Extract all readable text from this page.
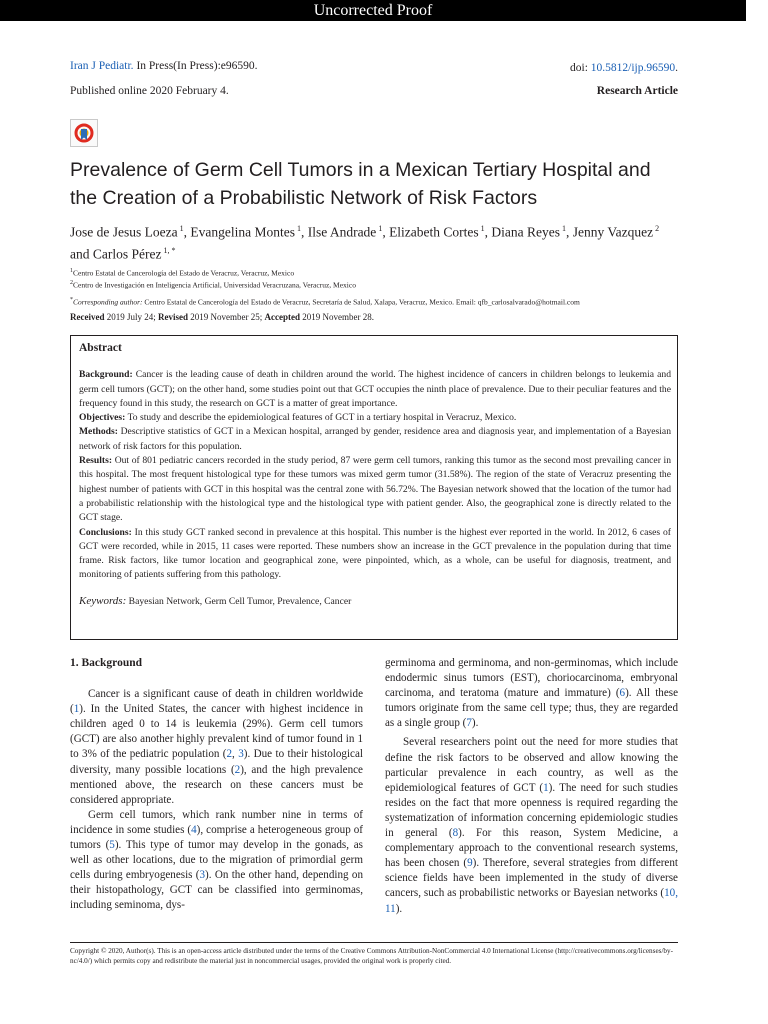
Uncorrected Proof
Iran J Pediatr. In Press(In Press):e96590.	doi: 10.5812/ijp.96590.
Published online 2020 February 4.	Research Article
Prevalence of Germ Cell Tumors in a Mexican Tertiary Hospital and the Creation of a Probabilistic Network of Risk Factors
Jose de Jesus Loeza $^1$, Evangelina Montes $^1$, Ilse Andrade $^1$, Elizabeth Cortes $^1$, Diana Reyes $^1$, Jenny Vazquez $^2$ and Carlos Pérez $^{1, *}$
$^1$Centro Estatal de Cancerología del Estado de Veracruz, Veracruz, Mexico
$^2$Centro de Investigación en Inteligencia Artificial, Universidad Veracruzana, Veracruz, Mexico
*Corresponding author: Centro Estatal de Cancerología del Estado de Veracruz, Secretaría de Salud, Xalapa, Veracruz, Mexico. Email: qfb_carlosalvarado@hotmail.com
Received 2019 July 24; Revised 2019 November 25; Accepted 2019 November 28.

Abstract

Background: Cancer is the leading cause of death in children around the world. The highest incidence of cancers in children belongs to leukemia and germ cell tumors (GCT); on the other hand, some studies point out that GCT occupies the ninth place of prevalence. Due to their peculiar features and the frequency found in this study, the research on GCT is a matter of great importance.

Objectives: To study and describe the epidemiological features of GCT in a tertiary hospital in Veracruz, Mexico.

Methods: Descriptive statistics of GCT in a Mexican hospital, arranged by gender, residence area and diagnosis year, and implementation of a Bayesian network of risk factors for this population.

Results: Out of 801 pediatric cancers recorded in the study period, 87 were germ cell tumors, ranking this tumor as the second most prevailing cancer in this hospital. The most frequent histological type for these tumors was mixed germ tumor (31.58%). The region of the state of Veracruz presenting the highest number of patients with GCT in this hospital was the central zone with 56.72%. The Bayesian network showed that the location of the tumor had a probabilistic relationship with the histological type and the histological type with patient gender. Also, the geographical zone is directly related to the GCT stage.

Conclusions: In this study GCT ranked second in prevalence at this hospital. This number is the highest ever reported in the world. In 2012, 6 cases of GCT were recorded, while in 2015, 11 cases were reported. These numbers show an increase in the GCT prevalence in the population during that time frame. Risk factors, like tumor location and geographical zone, were pinpointed, which, as a whole, can be useful for diagnosis, treatment, and monitoring of patients suffering from this pathology.

Keywords: Bayesian Network, Germ Cell Tumor, Prevalence, Cancer

1. Background

Cancer is a significant cause of death in children worldwide (1). In the United States, the cancer with highest incidence in children aged 0 to 14 is leukemia (29%). Germ cell tumors (GCT) are also another highly prevalent kind of tumor found in 1 to 3% of the pediatric population (2, 3). Due to their histological diversity, many possible locations (2), and the high prevalence mentioned above, the research on these cancers must be considered appropriate.

Germ cell tumors, which rank number nine in terms of incidence in some studies (4), comprise a heterogeneous group of tumors (5). This type of tumor may develop in the gonads, as well as other locations, due to the migration of primordial germ cells during embryogenesis (3). On the other hand, depending on their histopathology, GCT can be classified into germinomas, including seminoma, dys-

germinoma and germinoma, and non-germinomas, which include endodermic sinus tumors (EST), choriocarcinoma, embryonal carcinoma, and teratoma (mature and immature) (6). All these tumors originate from the same cell type; thus, they are regarded as a single group (7).

Several researchers point out the need for more studies that define the risk factors to be observed and allow knowing the particular prevalence in each country, as well as the epidemiological features of GCT (1). The need for such studies resides on the fact that more openness is required regarding the systematization of information concerning epidemiologic studies in general (8). For this reason, System Medicine, a complementary approach to the conventional research systems, has been chosen (9). Therefore, several strategies from different science fields have been implemented in the study of diverse cancers, such as probabilistic networks or Bayesian networks (10, 11).

Copyright © 2020, Author(s). This is an open-access article distributed under the terms of the Creative Commons Attribution-NonCommercial 4.0 International License (http://creativecommons.org/licenses/by-nc/4.0/) which permits copy and redistribute the material just in noncommercial usages, provided the original work is properly cited.
